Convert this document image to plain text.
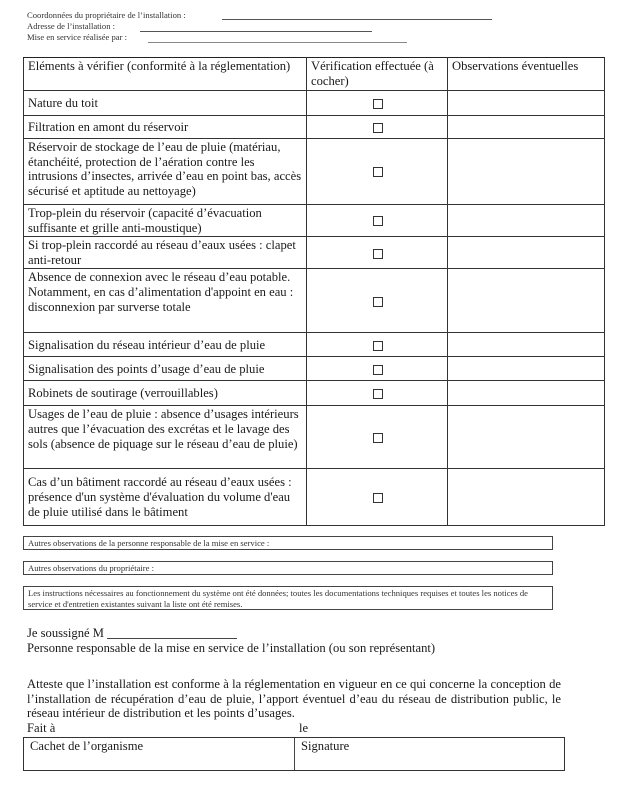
Coordonnées du propriétaire de l’installation :
Adresse de l’installation :
Mise en service réalisée par :
Eléments à vérifier (conformité à la réglementation)	Vérification effectuée (à cocher)	Observations éventuelles
Nature du toit		
Filtration en amont du réservoir		
Réservoir de stockage de l’eau de pluie (matériau, étanchéité, protection de l’aération contre les intrusions d’insectes, arrivée d’eau en point bas, accès sécurisé et aptitude au nettoyage)		
Trop-plein du réservoir (capacité d’évacuation suffisante et grille anti-moustique)		
Si trop-plein raccordé au réseau d’eaux usées : clapet anti-retour		

Absence de connexion avec le réseau d’eau potable.
Notamment, en cas d’alimentation d'appoint en eau : disconnexion par surverse totale		

Signalisation du réseau intérieur d’eau de pluie		
Signalisation des points d’usage d’eau de pluie		
Robinets de soutirage (verrouillables)		
Usages de l’eau de pluie : absence d’usages intérieurs autres que l’évacuation des excrétas et le lavage des sols (absence de piquage sur le réseau d’eau de pluie)		
Cas d’un bâtiment raccordé au réseau d’eaux usées : présence d'un système d'évaluation du volume d'eau de pluie utilisé dans le bâtiment		
Autres observations de la personne responsable de la mise en service :
Autres observations du propriétaire :
Les instructions nécessaires au fonctionnement du système ont été données; toutes les documentations techniques requises et toutes les notices de service et d'entretien existantes suivant la liste ont été remises.
Je soussigné M
Personne responsable de la mise en service de l’installation (ou son représentant)
Atteste que l’installation est conforme à la réglementation en vigueur en ce qui concerne la conception de l’installation de récupération d’eau de pluie, l’apport éventuel d’eau du réseau de distribution public, le réseau intérieur de distribution et les points d’usages.
Fait à	le
Cachet de l’organisme	Signature
